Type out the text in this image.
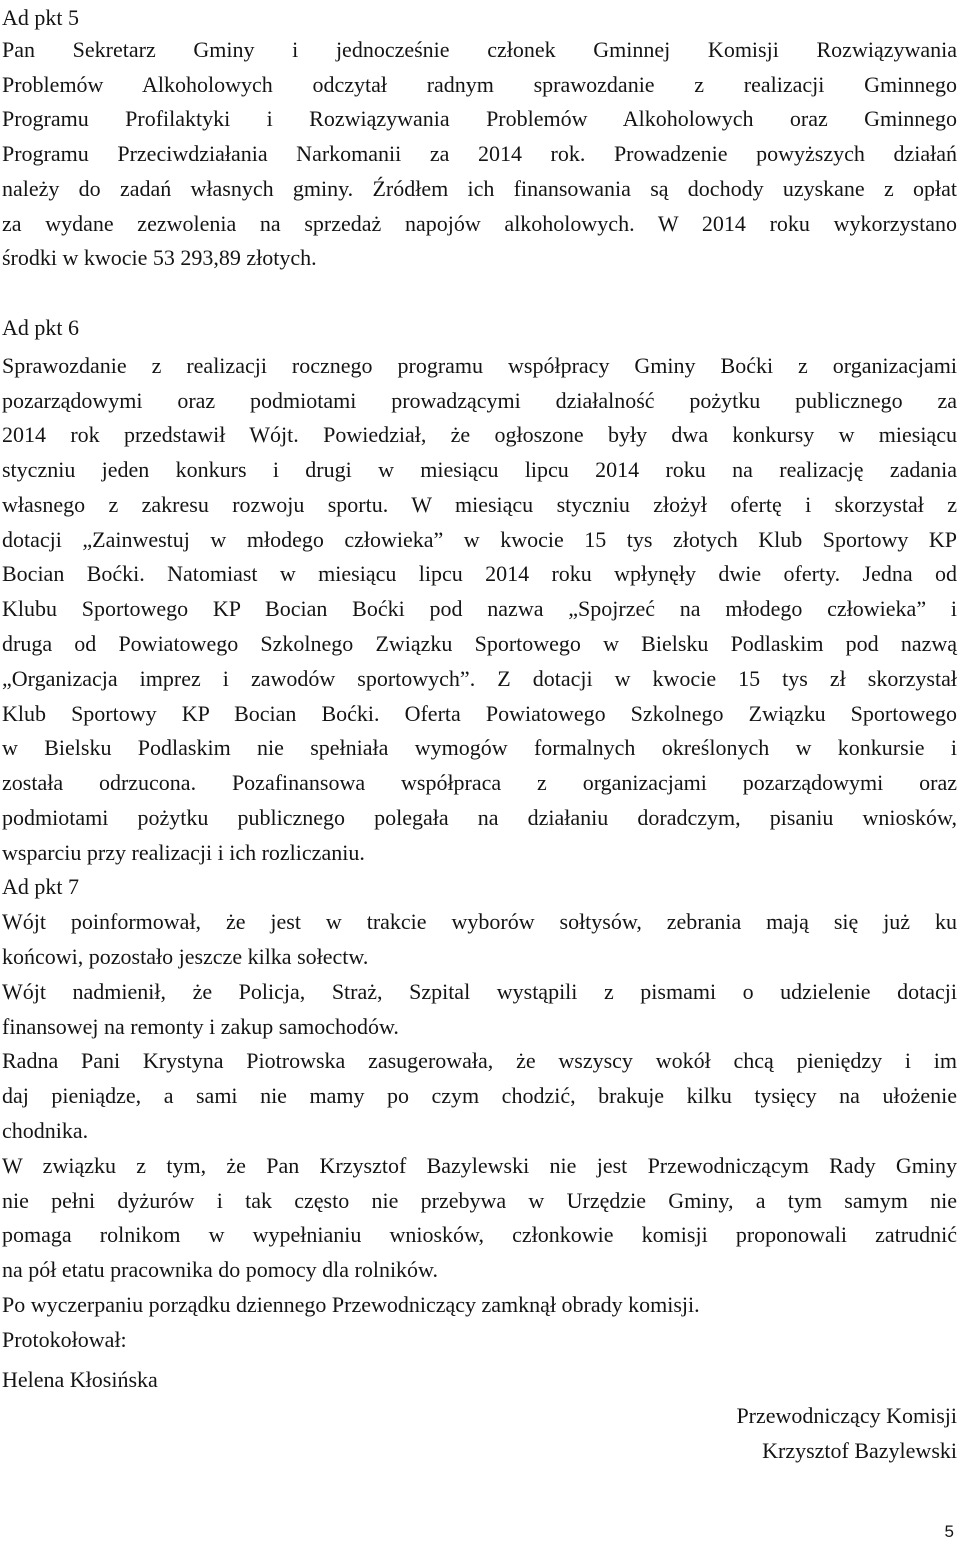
Ad pkt 5
Pan Sekretarz Gminy i jednocześnie członek Gminnej Komisji Rozwiązywania
Problemów Alkoholowych odczytał radnym sprawozdanie z realizacji Gminnego
Programu Profilaktyki i Rozwiązywania Problemów Alkoholowych oraz Gminnego
Programu Przeciwdziałania Narkomanii za 2014 rok. Prowadzenie powyższych działań
należy do zadań własnych gminy. Źródłem ich finansowania są dochody uzyskane z opłat
za wydane zezwolenia na sprzedaż napojów alkoholowych. W 2014 roku wykorzystano
środki w kwocie 53 293,89 złotych.
Ad pkt 6
Sprawozdanie z realizacji rocznego programu współpracy Gminy Boćki z organizacjami
pozarządowymi oraz podmiotami prowadzącymi działalność pożytku publicznego za
2014 rok przedstawił Wójt. Powiedział, że ogłoszone były dwa konkursy w miesiącu
styczniu jeden konkurs i drugi w miesiącu lipcu 2014 roku na realizację zadania
własnego z zakresu rozwoju sportu. W miesiącu styczniu złożył ofertę i skorzystał z
dotacji „Zainwestuj w młodego człowieka” w kwocie 15 tys złotych Klub Sportowy KP
Bocian Boćki. Natomiast w miesiącu lipcu 2014 roku wpłynęły dwie oferty. Jedna od
Klubu Sportowego KP Bocian Boćki pod nazwa „Spojrzeć na młodego człowieka” i
druga od Powiatowego Szkolnego Związku Sportowego w Bielsku Podlaskim pod nazwą
„Organizacja imprez i zawodów sportowych”. Z dotacji w kwocie 15 tys zł skorzystał
Klub Sportowy KP Bocian Boćki. Oferta Powiatowego Szkolnego Związku Sportowego
w Bielsku Podlaskim nie spełniała wymogów formalnych określonych w konkursie i
została odrzucona. Pozafinansowa współpraca z organizacjami pozarządowymi oraz
podmiotami pożytku publicznego polegała na działaniu doradczym, pisaniu wniosków,
wsparciu przy realizacji i ich rozliczaniu.
Ad pkt 7
Wójt poinformował, że jest w trakcie wyborów sołtysów, zebrania mają się już ku
końcowi, pozostało jeszcze kilka sołectw.
Wójt nadmienił, że Policja, Straż, Szpital wystąpili z pismami o udzielenie dotacji
finansowej na remonty i zakup samochodów.
Radna Pani Krystyna Piotrowska zasugerowała, że wszyscy wokół chcą pieniędzy i im
daj pieniądze, a sami nie mamy po czym chodzić, brakuje kilku tysięcy na ułożenie
chodnika.
W związku z tym, że Pan Krzysztof Bazylewski nie jest Przewodniczącym Rady Gminy
nie pełni dyżurów i tak często nie przebywa w Urzędzie Gminy, a tym samym nie
pomaga rolnikom w wypełnianiu wniosków, członkowie komisji proponowali zatrudnić
na pół etatu pracownika do pomocy dla rolników.
Po wyczerpaniu porządku dziennego Przewodniczący zamknął obrady komisji.
Protokołował:
Helena Kłosińska
Przewodniczący Komisji
Krzysztof Bazylewski
5
